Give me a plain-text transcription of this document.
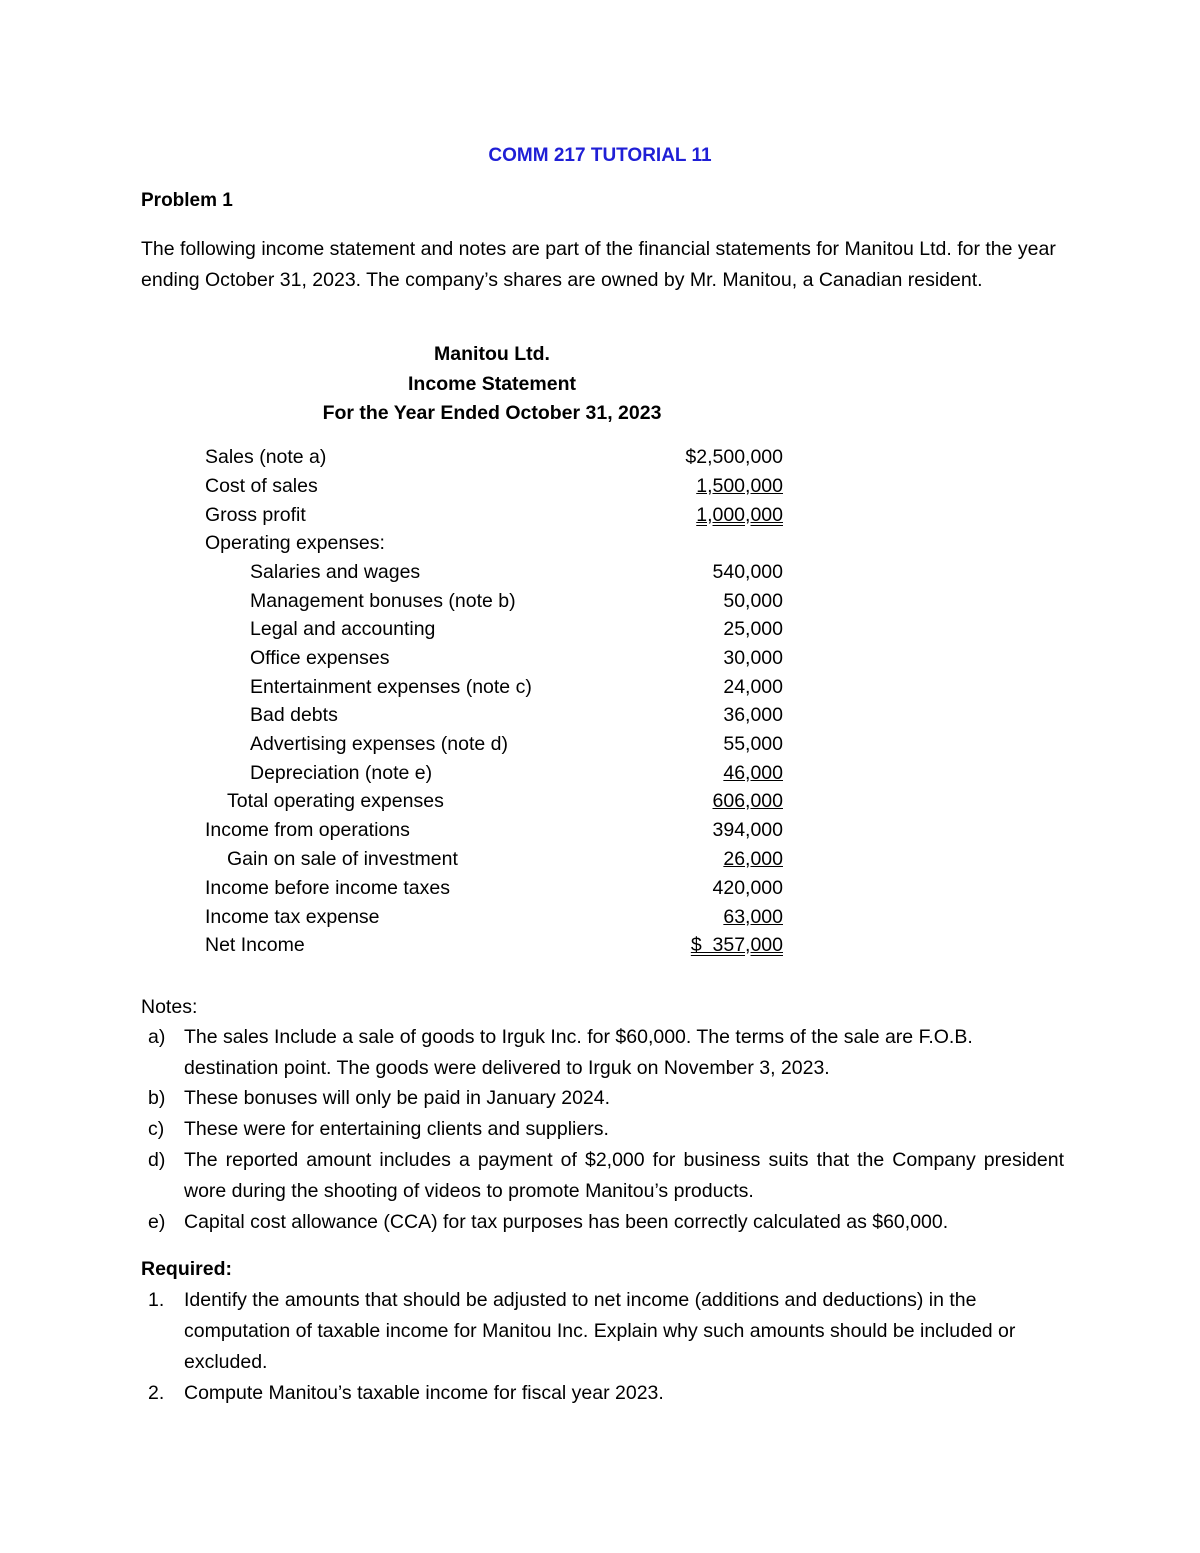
COMM 217 TUTORIAL 11
Problem 1
The following income statement and notes are part of the financial statements for Manitou Ltd. for the year ending October 31, 2023. The company’s shares are owned by Mr. Manitou, a Canadian resident.
Manitou Ltd.
Income Statement
For the Year Ended October 31, 2023
Sales (note a)	$2,500,000
Cost of sales	1,500,000
Gross profit	1,000,000
Operating expenses:
Salaries and wages	540,000
Management bonuses (note b)	50,000
Legal and accounting	25,000
Office expenses	30,000
Entertainment expenses (note c)	24,000
Bad debts	36,000
Advertising expenses (note d)	55,000
Depreciation (note e)	46,000
Total operating expenses	606,000
Income from operations	394,000
Gain on sale of investment	26,000
Income before income taxes	420,000
Income tax expense	63,000
Net Income	$  357,000
Notes:
a) The sales Include a sale of goods to Irguk Inc. for $60,000. The terms of the sale are F.O.B. destination point. The goods were delivered to Irguk on November 3, 2023.
b) These bonuses will only be paid in January 2024.
c) These were for entertaining clients and suppliers.
d) The reported amount includes a payment of $2,000 for business suits that the Company president wore during the shooting of videos to promote Manitou’s products.
e) Capital cost allowance (CCA) for tax purposes has been correctly calculated as $60,000.
Required:
1. Identify the amounts that should be adjusted to net income (additions and deductions) in the computation of taxable income for Manitou Inc. Explain why such amounts should be included or excluded.
2. Compute Manitou’s taxable income for fiscal year 2023.
